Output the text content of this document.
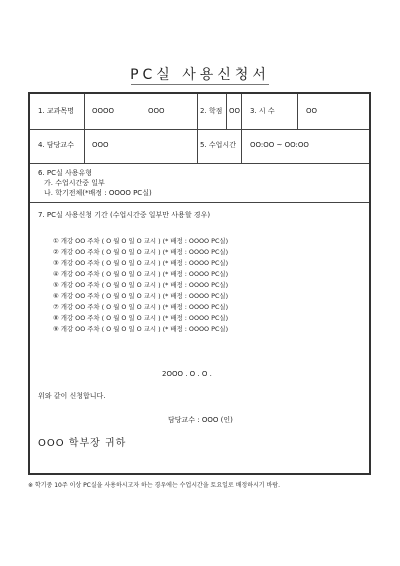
PC실 사용신청서
1. 교과목명	OOOO	OOO	2. 학점 OO 3. 시 수	OO
4. 담당교수	OOO	5. 수업시간 OO:OO ~ OO:OO
6. PC실 사용유형
가. 수업시간중 일부
나. 학기전체(*배정 : OOOO PC실)
7. PC실 사용신청 기간 (수업시간중 일부만 사용할 경우)
① 개강 OO 주차 ( O 월 O 일 O 교시 ) (* 배정 : OOOO PC실)
② 개강 OO 주차 ( O 월 O 일 O 교시 ) (* 배정 : OOOO PC실)
③ 개강 OO 주차 ( O 월 O 일 O 교시 ) (* 배정 : OOOO PC실)
④ 개강 OO 주차 ( O 월 O 일 O 교시 ) (* 배정 : OOOO PC실)
⑤ 개강 OO 주차 ( O 월 O 일 O 교시 ) (* 배정 : OOOO PC실)
⑥ 개강 OO 주차 ( O 월 O 일 O 교시 ) (* 배정 : OOOO PC실)
⑦ 개강 OO 주차 ( O 월 O 일 O 교시 ) (* 배정 : OOOO PC실)
⑧ 개강 OO 주차 ( O 월 O 일 O 교시 ) (* 배정 : OOOO PC실)
⑨ 개강 OO 주차 ( O 월 O 일 O 교시 ) (* 배정 : OOOO PC실)
2OOO . O . O .
위와 같이 신청합니다.
담당교수 : OOO (인)
OOO 학부장 귀하
※ 학기중 10주 이상 PC실을 사용하시고자 하는 경우에는 수업시간을 토요일로 배정하시기 바람.
